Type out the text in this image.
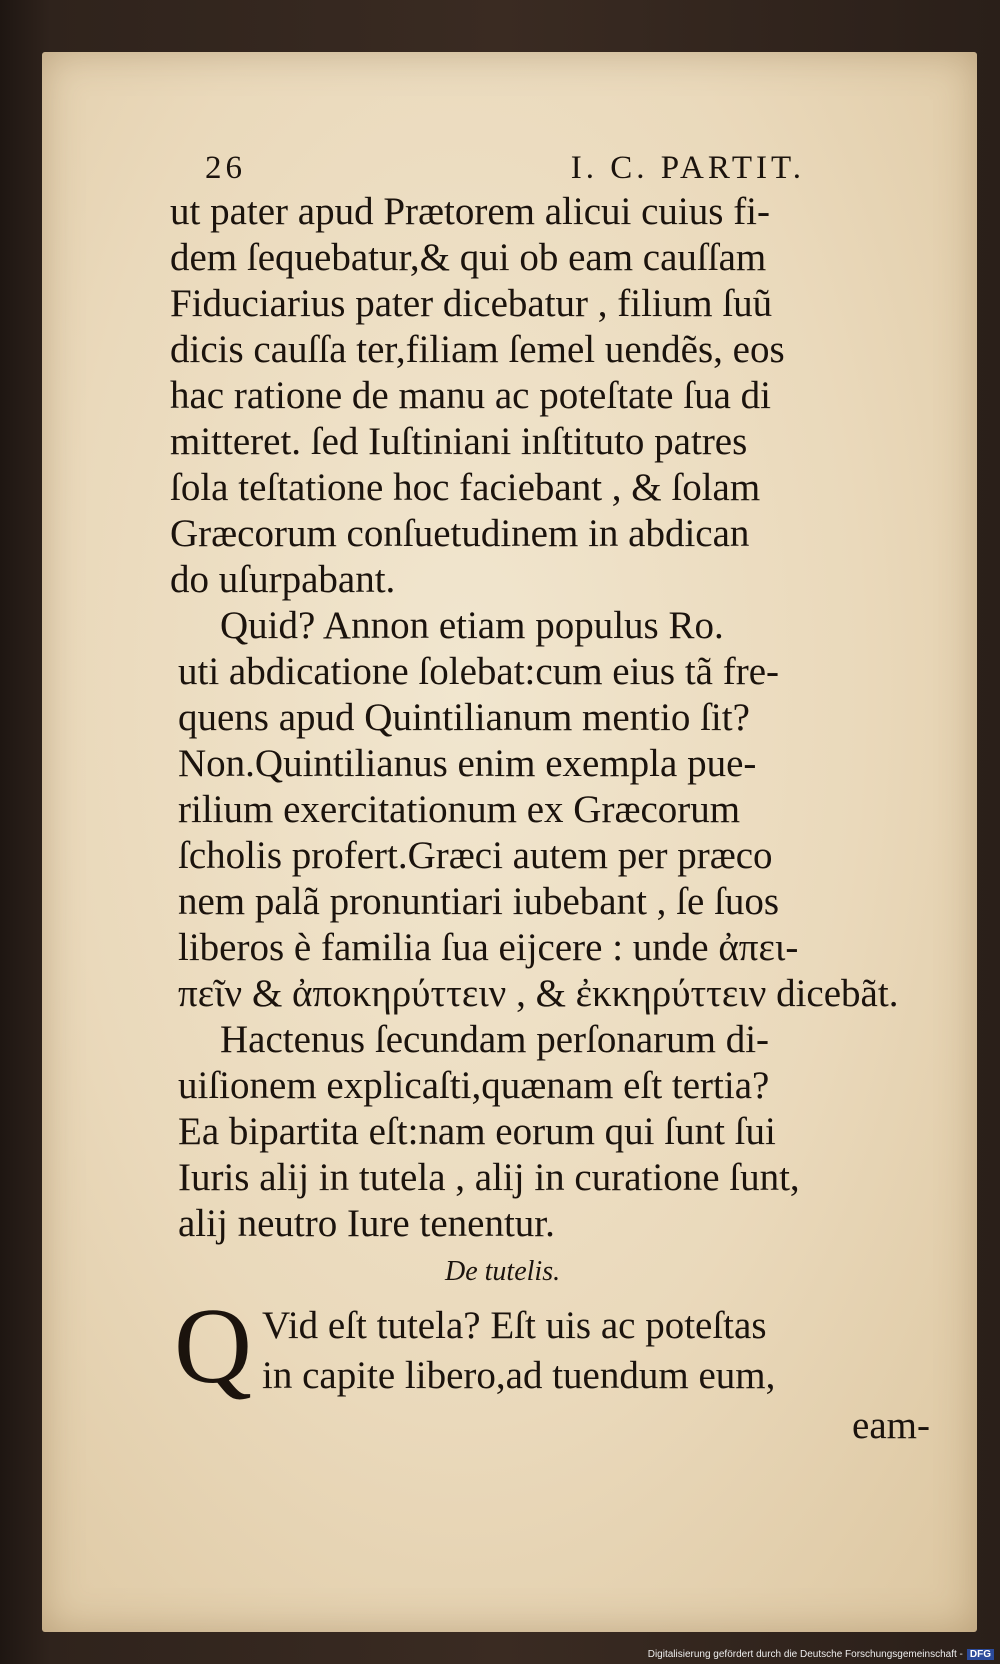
26	I. C. PARTIT.
ut pater apud Prætorem alicui cuius fi-
dem ſequebatur,& qui ob eam cauſſam
Fiduciarius pater dicebatur , filium ſuũ
dicis cauſſa ter,filiam ſemel uendẽs, eos
hac ratione de manu ac poteſtate ſua di
mitteret. ſed Iuſtiniani inſtituto patres
ſola teſtatione hoc faciebant , & ſolam
Græcorum conſuetudinem in abdican
do uſurpabant.
Quid? Annon etiam populus Ro.
uti abdicatione ſolebat:cum eius tã fre-
quens apud Quintilianum mentio ſit?
Non.Quintilianus enim exempla pue-
rilium exercitationum ex Græcorum
ſcholis profert.Græci autem per præco
nem palã pronuntiari iubebant , ſe ſuos
liberos è familia ſua eijcere : unde ἀπει-
πεῖν & ἀποκηρύττειν , & ἐκκηρύττειν dicebãt.
Hactenus ſecundam perſonarum di-
uiſionem explicaſti,quænam eſt tertia?
Ea bipartita eſt:nam eorum qui ſunt ſui
Iuris alij in tutela , alij in curatione ſunt,
alij neutro Iure tenentur.
De tutelis.
Q Vid eſt tutela? Eſt uis ac poteſtas
in capite libero,ad tuendum eum,
eam-
Digitalisierung gefördert durch die Deutsche Forschungsgemeinschaft - DFG
